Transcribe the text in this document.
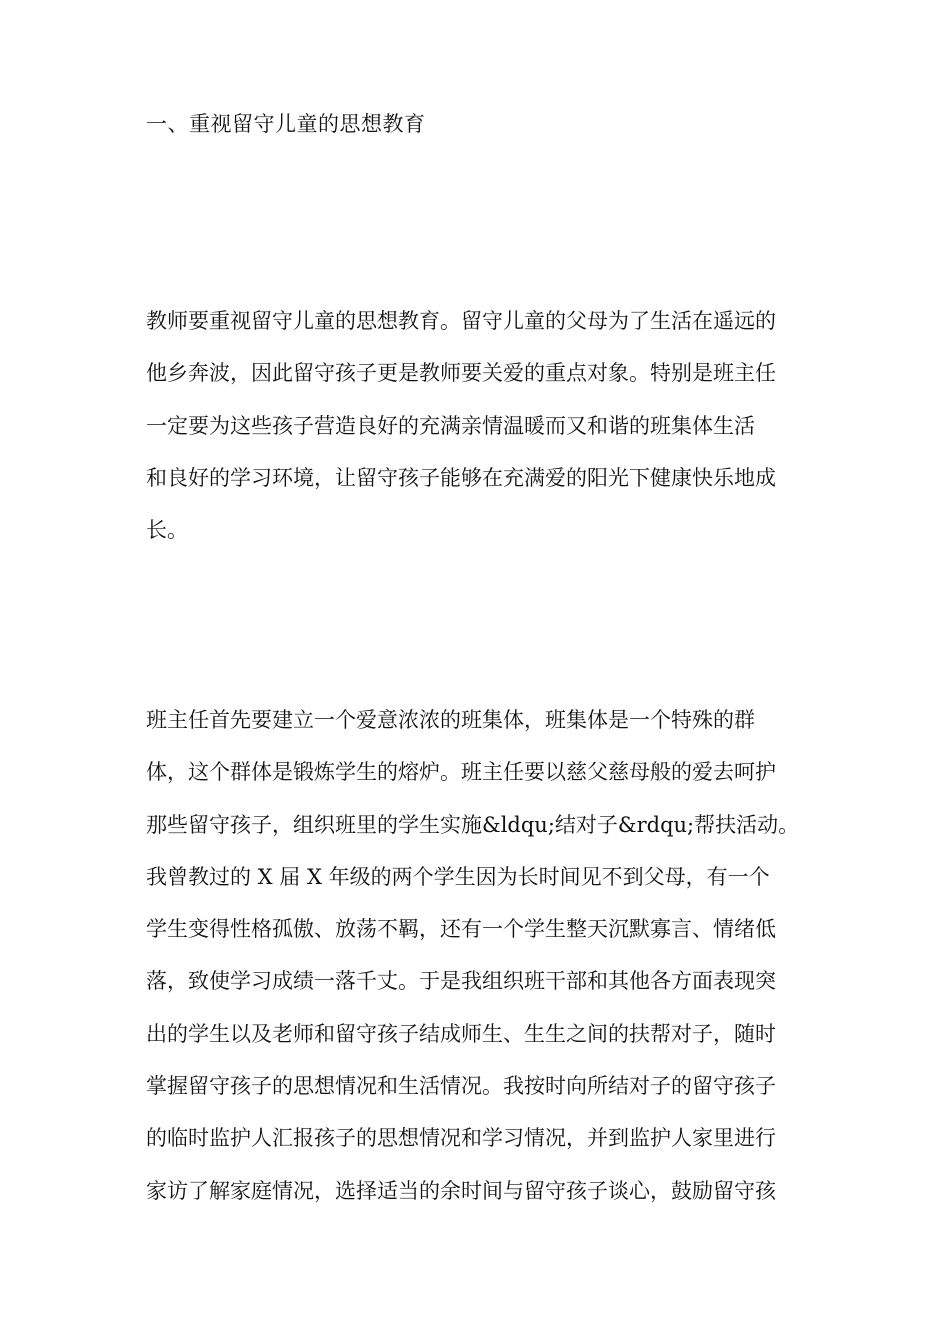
一、重视留守儿童的思想教育
教师要重视留守儿童的思想教育。留守儿童的父母为了生活在遥远的
他乡奔波，因此留守孩子更是教师要关爱的重点对象。特别是班主任
一定要为这些孩子营造良好的充满亲情温暖而又和谐的班集体生活
和良好的学习环境，让留守孩子能够在充满爱的阳光下健康快乐地成
长。
班主任首先要建立一个爱意浓浓的班集体，班集体是一个特殊的群
体，这个群体是锻炼学生的熔炉。班主任要以慈父慈母般的爱去呵护
那些留守孩子，组织班里的学生实施&ldqu;结对子&rdqu;帮扶活动。
我曾教过的 X 届 X 年级的两个学生因为长时间见不到父母，有一个
学生变得性格孤傲、放荡不羁，还有一个学生整天沉默寡言、情绪低
落，致使学习成绩一落千丈。于是我组织班干部和其他各方面表现突
出的学生以及老师和留守孩子结成师生、生生之间的扶帮对子，随时
掌握留守孩子的思想情况和生活情况。我按时向所结对子的留守孩子
的临时监护人汇报孩子的思想情况和学习情况，并到监护人家里进行
家访了解家庭情况，选择适当的余时间与留守孩子谈心，鼓励留守孩
